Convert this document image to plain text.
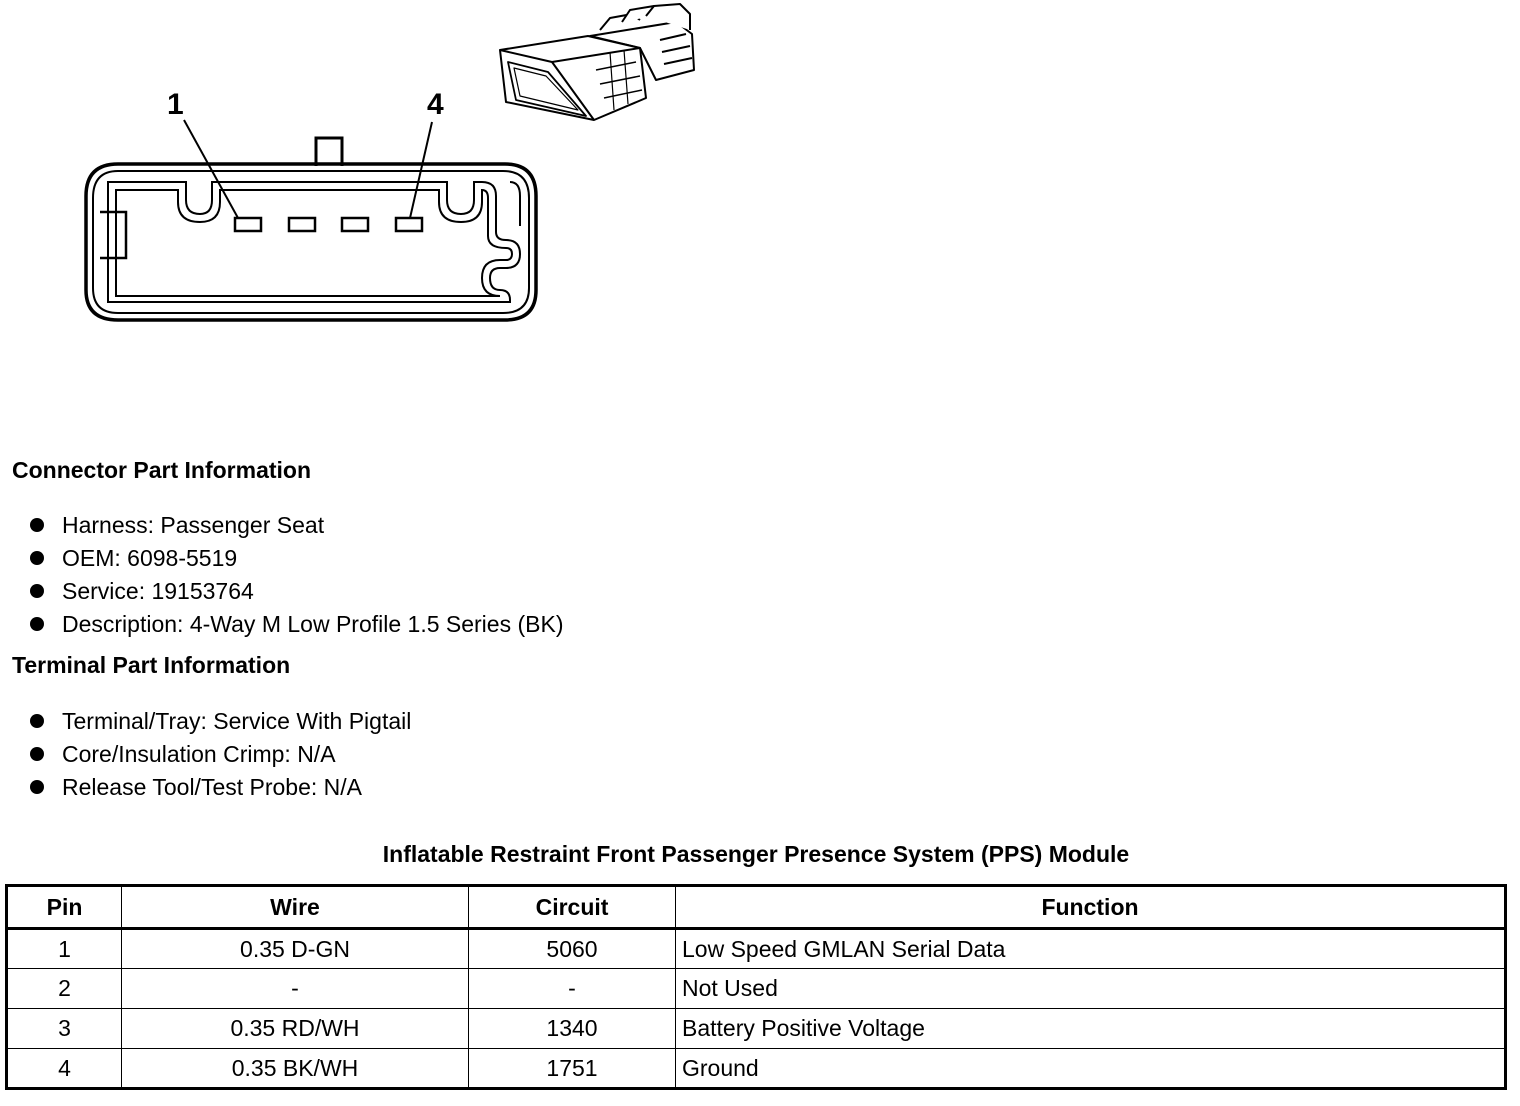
1	4
Connector Part Information
Harness: Passenger Seat
OEM: 6098-5519
Service: 19153764
Description: 4-Way M Low Profile 1.5 Series (BK)
Terminal Part Information
Terminal/Tray: Service With Pigtail
Core/Insulation Crimp: N/A
Release Tool/Test Probe: N/A
Inflatable Restraint Front Passenger Presence System (PPS) Module
Pin	Wire	Circuit	Function
1	0.35 D-GN	5060	Low Speed GMLAN Serial Data
2	-	-	Not Used
3	0.35 RD/WH	1340	Battery Positive Voltage
4	0.35 BK/WH	1751	Ground
